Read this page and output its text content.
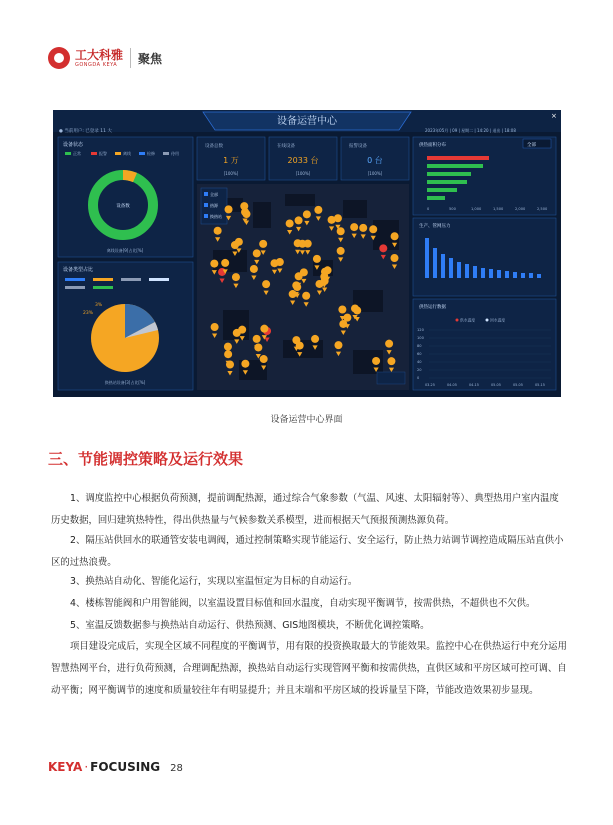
工大科雅
GONGDA KEYA	聚焦
设备运营中心
● 当前用户: 已登录 11 大	2023年05月 | 09 | 星期二 | 14:20 | 退出 | 18:08
×
设备状态
正常	报警	离线	检修	待用
设备数
离线设备[9]占比[%]
设备类型占比
3%
23%
换热站设备[3]占比[%]
设备总数
1 万
[100%]
在线设备
2033 台
[100%]
报警设备
0 台
[100%]
全部
热源
换热站
供热面积分布	全部
0	500	1,000	1,500	2,000	2,500
生产、管网压力
供热运行数据
供水温度	回水温度
120
100
80
60
40
20
0
03-25	04-05	04-15	05-05	05-05	05-15
设备运营中心界面
三、节能调控策略及运行效果

1、调度监控中心根据负荷预测，提前调配热源，通过综合气象参数（气温、风速、太阳辐射等）、典型热用户室内温度历史数据，回归建筑热特性，得出供热量与气候参数关系模型，进而根据天气预报预测热源负荷。

2、隔压站供回水的联通管安装电调阀，通过控制策略实现节能运行、安全运行，防止热力站调节调控造成隔压站直供小区的过热浪费。

3、换热站自动化、智能化运行，实现以室温恒定为目标的自动运行。

4、楼栋智能阀和户用智能阀，以室温设置目标值和回水温度，自动实现平衡调节，按需供热，不超供也不欠供。

5、室温反馈数据参与换热站自动运行、供热预测、GIS地图模块，不断优化调控策略。

项目建设完成后，实现全区域不同程度的平衡调节，用有限的投资换取最大的节能效果。监控中心在供热运行中充分运用智慧热网平台，进行负荷预测，合理调配热源，换热站自动运行实现管网平衡和按需供热，直供区域和平房区域可控可调、自动平衡；网平衡调节的速度和质量较往年有明显提升；并且末端和平房区域的投诉量呈下降，节能改造效果初步显现。

KEYA · FOCUSING 28
